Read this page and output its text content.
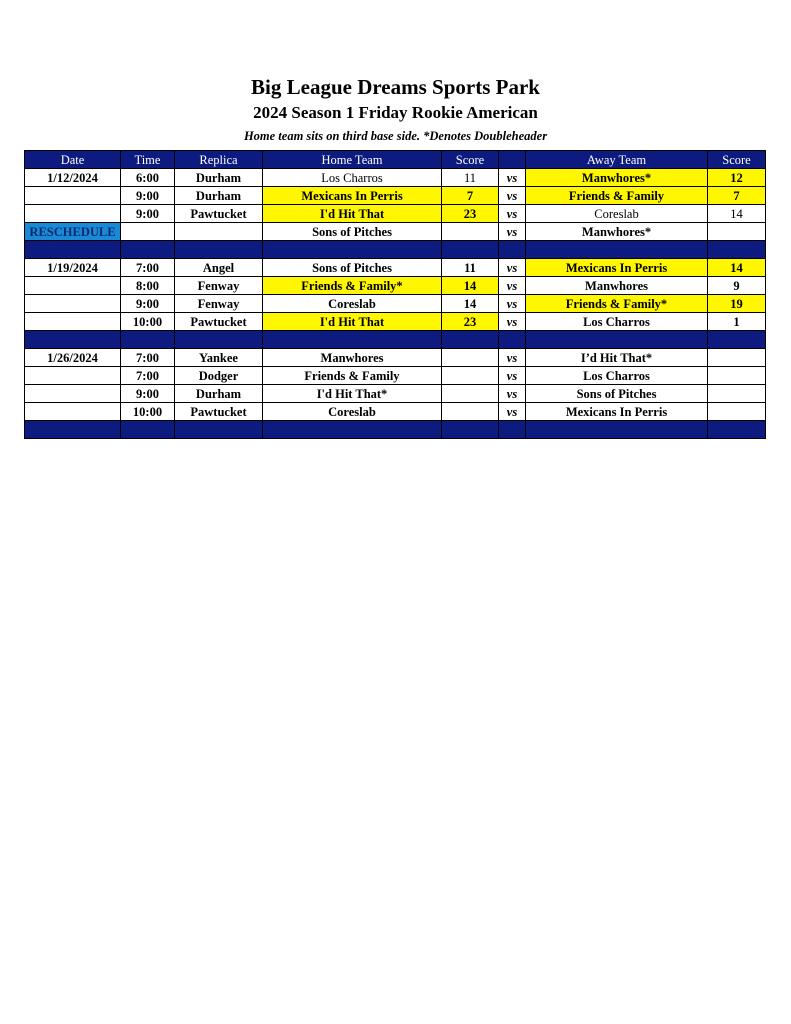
Big League Dreams Sports Park
2024 Season 1 Friday Rookie American

Home team sits on third base side. *Denotes Doubleheader

Date	Time	Replica	Home Team	Score		Away Team	Score
1/12/2024	6:00	Durham	Los Charros	11	vs	Manwhores*	12
	9:00	Durham	Mexicans In Perris	7	vs	Friends & Family	7
	9:00	Pawtucket	I'd Hit That	23	vs	Coreslab	14
RESCHEDULE			Sons of Pitches		vs	Manwhores*	

1/19/2024	7:00	Angel	Sons of Pitches	11	vs	Mexicans In Perris	14
	8:00	Fenway	Friends & Family*	14	vs	Manwhores	9
	9:00	Fenway	Coreslab	14	vs	Friends & Family*	19
	10:00	Pawtucket	I'd Hit That	23	vs	Los Charros	1

1/26/2024	7:00	Yankee	Manwhores		vs	I’d Hit That*	
	7:00	Dodger	Friends & Family		vs	Los Charros	
	9:00	Durham	I'd Hit That*		vs	Sons of Pitches	
	10:00	Pawtucket	Coreslab		vs	Mexicans In Perris	
